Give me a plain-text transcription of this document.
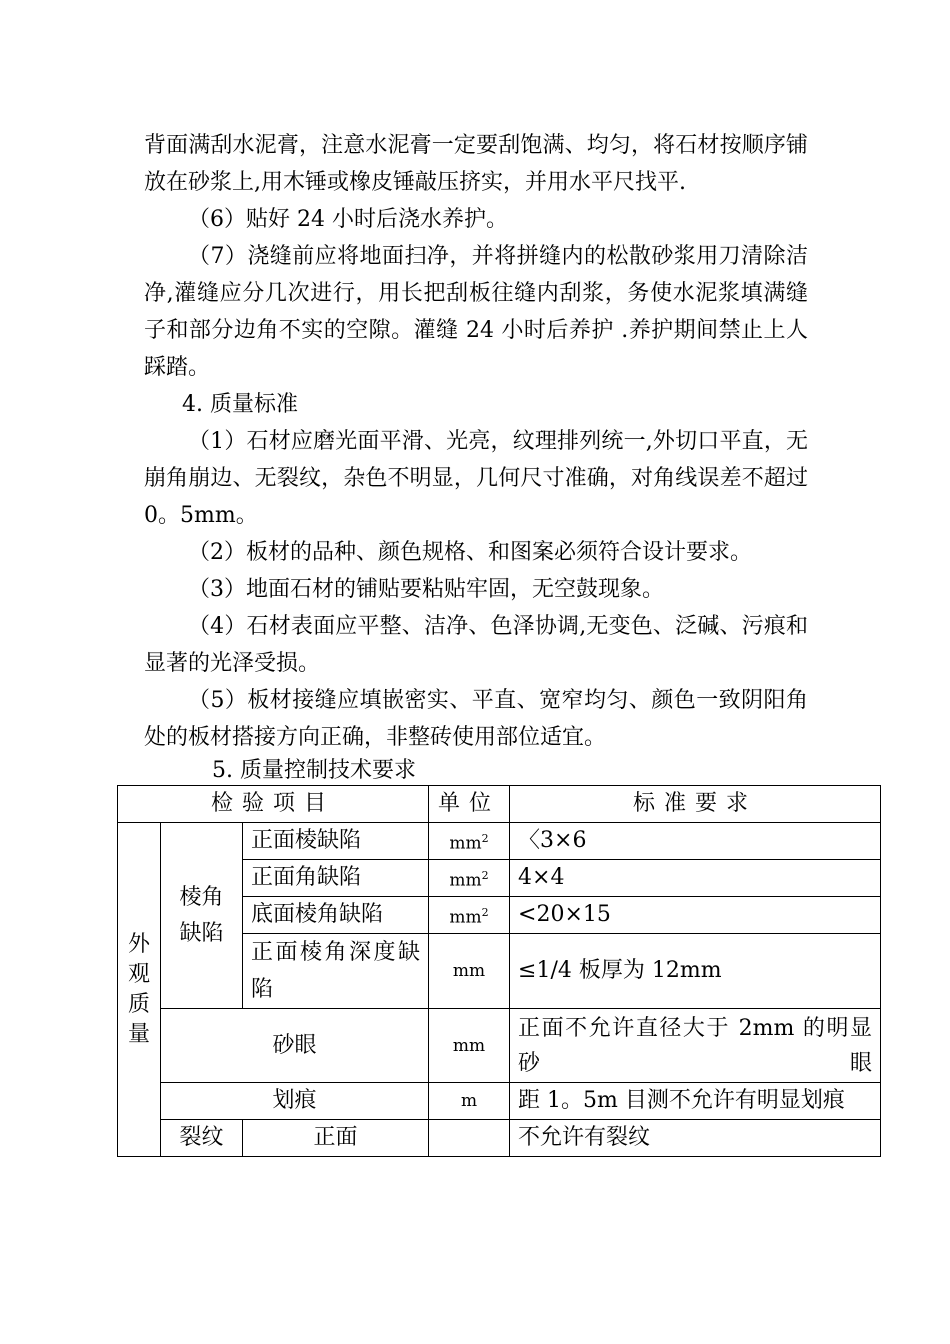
背面满刮水泥膏，注意水泥膏一定要刮饱满、均匀，将石材按顺序铺放在砂浆上,用木锤或橡皮锤敲压挤实，并用水平尺找平.

（6）贴好 24 小时后浇水养护。

（7）浇缝前应将地面扫净，并将拼缝内的松散砂浆用刀清除洁净,灌缝应分几次进行，用长把刮板往缝内刮浆，务使水泥浆填满缝子和部分边角不实的空隙。灌缝 24 小时后养护 .养护期间禁止上人踩踏。

4. 质量标准

（1）石材应磨光面平滑、光亮，纹理排列统一,外切口平直，无崩角崩边、无裂纹，杂色不明显，几何尺寸准确，对角线误差不超过 0。5mm。

（2）板材的品种、颜色规格、和图案必须符合设计要求。

（3）地面石材的铺贴要粘贴牢固，无空鼓现象。

（4）石材表面应平整、洁净、色泽协调,无变色、泛碱、污痕和显著的光泽受损。

（5）板材接缝应填嵌密实、平直、宽窄均匀、颜色一致阴阳角处的板材搭接方向正确，非整砖使用部位适宜。

5. 质量控制技术要求

检验项目			单位	标准要求
外观质量	棱角缺陷	正面棱缺陷	$mm^2$	〈3×6
		正面角缺陷	$mm^2$	4×4
		底面棱角缺陷	$mm^2$	<20×15
		正面棱角深度缺陷	mm	≤1/4 板厚为 12mm
	砂眼		mm	正面不允许直径大于 2mm 的明显砂眼
	划痕		m	距 1。5m 目测不允许有明显划痕
	裂纹	正面		不允许有裂纹
